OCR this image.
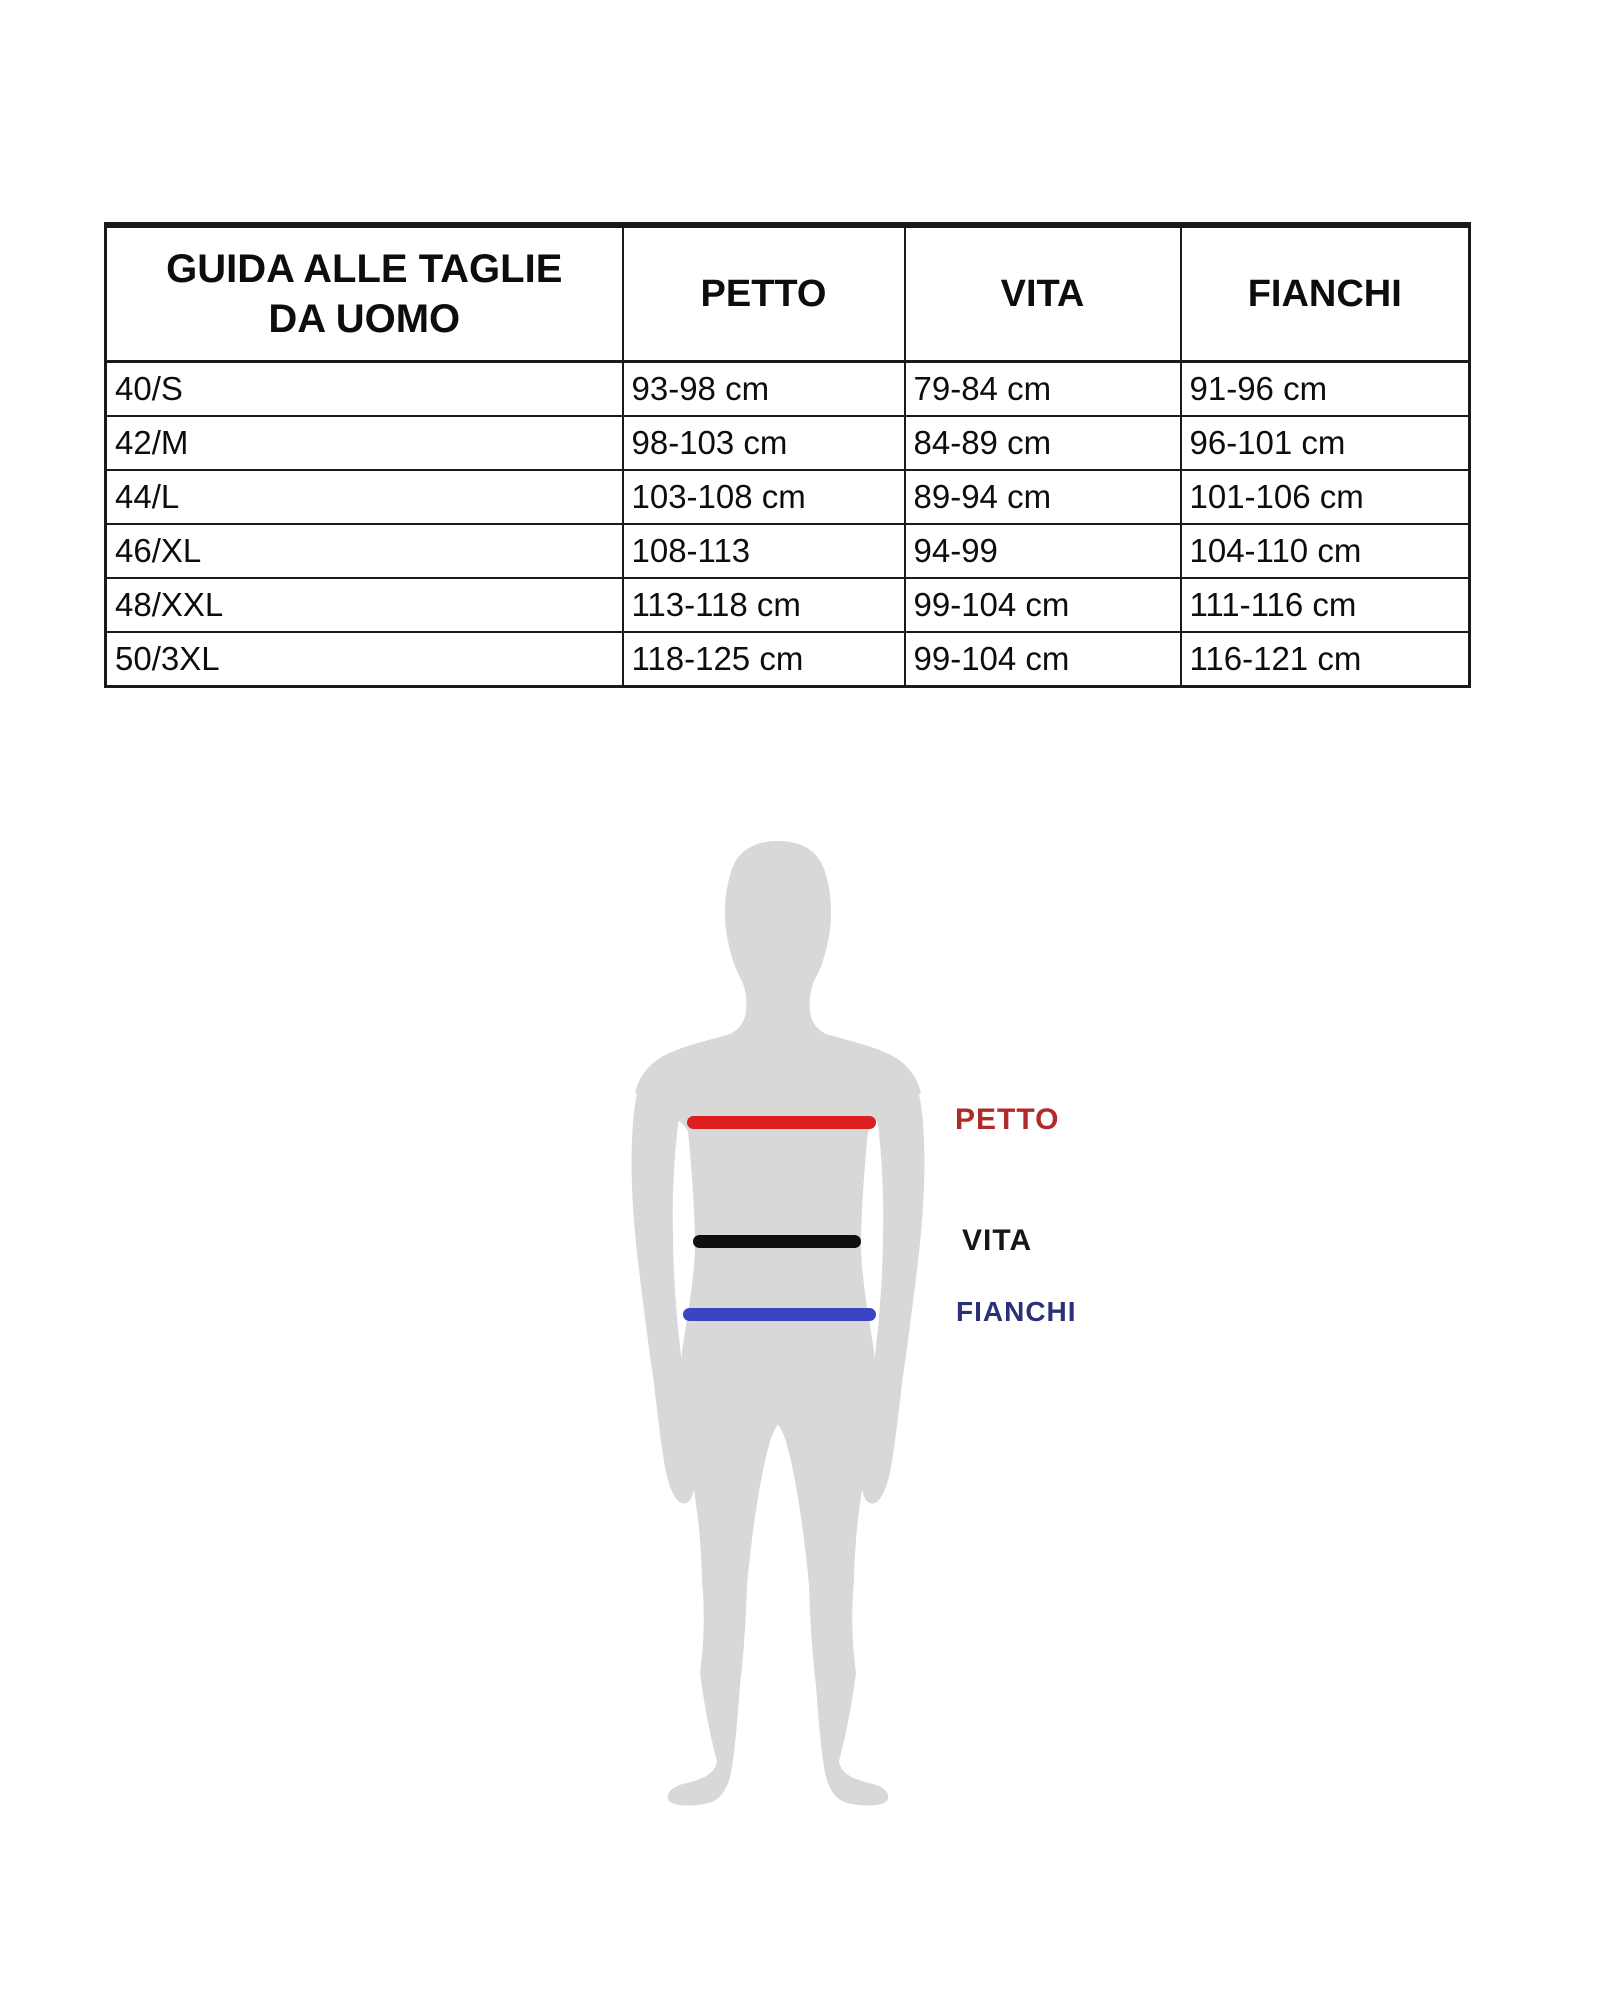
GUIDA ALLE TAGLIE
DA UOMO	PETTO	VITA	FIANCHI
40/S	93-98 cm	79-84 cm	91-96 cm
42/M	98-103 cm	84-89 cm	96-101 cm
44/L	103-108 cm	89-94 cm	101-106 cm
46/XL	108-113	94-99	104-110 cm
48/XXL	113-118 cm	99-104 cm	111-116 cm
50/3XL	118-125 cm	99-104 cm	116-121 cm
PETTO
VITA
FIANCHI
